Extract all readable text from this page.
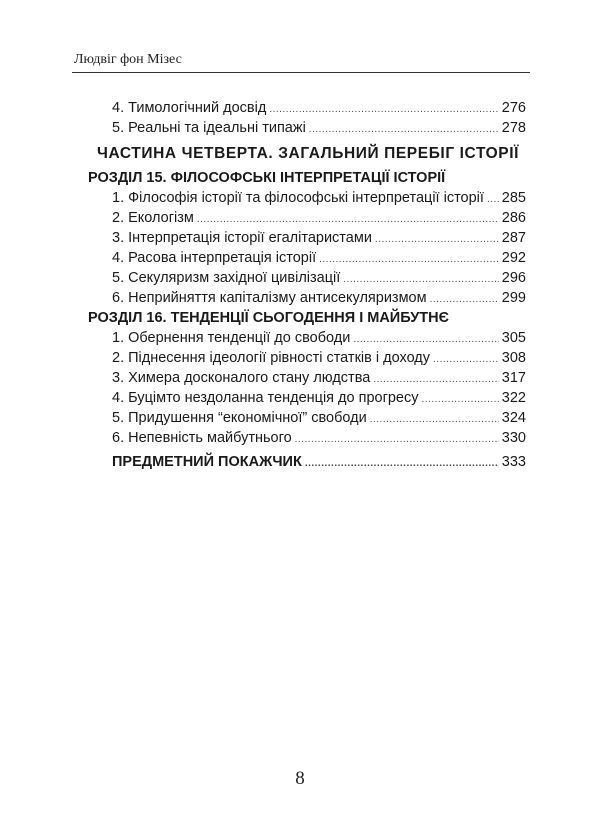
Людвіг фон Мізес
4. Тимологічний досвід .....	276
5. Реальні та ідеальні типажі .....	278
ЧАСТИНА ЧЕТВЕРТА. ЗАГАЛЬНИЙ ПЕРЕБІГ ІСТОРІЇ
РОЗДІЛ 15. ФІЛОСОФСЬКІ ІНТЕРПРЕТАЦІЇ ІСТОРІЇ
1. Філософія історії та філософські інтерпретації історії ..... 285
2. Екологізм .....	286
3. Інтерпретація історії егалітаристами .....	287
4. Расова інтерпретація історії .....	292
5. Секуляризм західної цивілізації .....	296
6. Неприйняття капіталізму антисекуляризмом .....	299
РОЗДІЛ 16. ТЕНДЕНЦІЇ СЬОГОДЕННЯ І МАЙБУТНЄ
1. Обернення тенденції до свободи .....	305
2. Піднесення ідеології рівності статків і доходу .....	308
3. Химера досконалого стану людства .....	317
4. Буцімто нездоланна тенденція до прогресу .....	322
5. Придушення “економічної” свободи .....	324
6. Непевність майбутнього .....	330
ПРЕДМЕТНИЙ ПОКАЖЧИК .....	333
8
